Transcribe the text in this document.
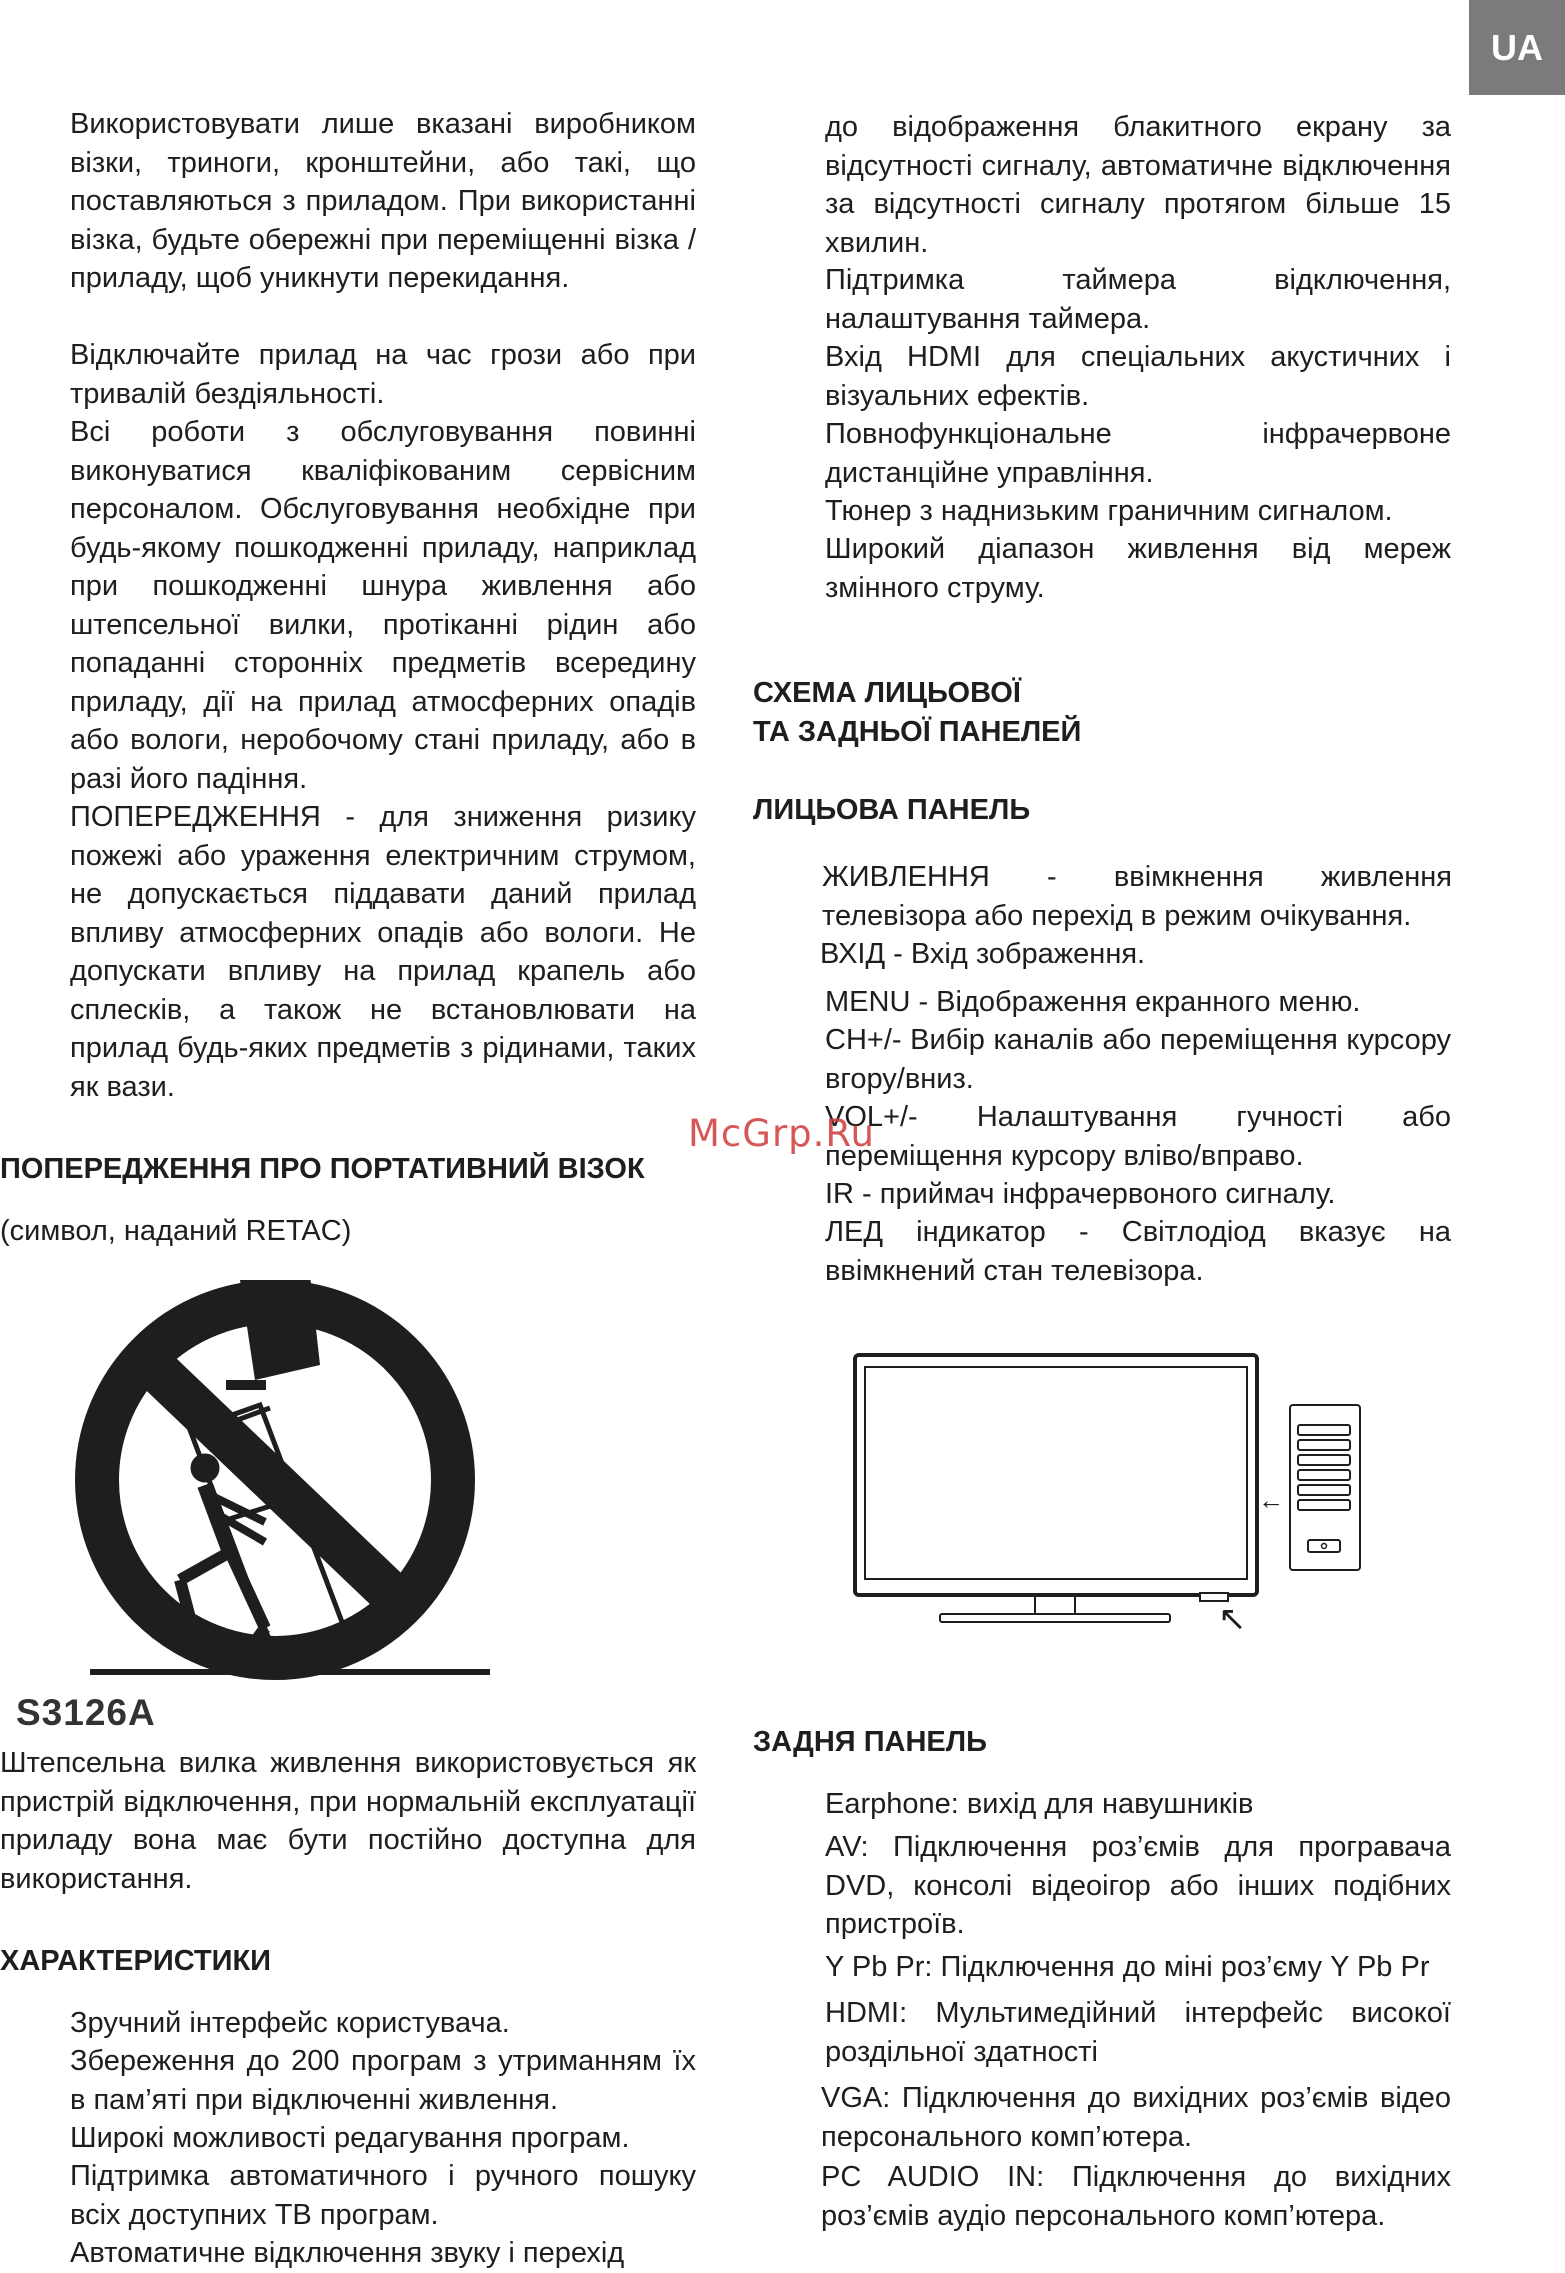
UA

Використовувати лише вказані виробником візки, триноги, кронштейни, або такі, що поставляються з приладом. При використанні візка, будьте обережні при переміщенні візка / приладу, щоб уникнути перекидання.

Відключайте прилад на час грози або при тривалій бездіяльності.

Всі роботи з обслуговування повинні виконуватися кваліфікованим сервісним персоналом. Обслуговування необхідне при будь-якому пошкодженні приладу, наприклад при пошкодженні шнура живлення або штепсельної вилки, протіканні рідин або попаданні сторонніх предметів всередину приладу, дії на прилад атмосферних опадів або вологи, неробочому стані приладу, або в разі його падіння.

ПОПЕРЕДЖЕННЯ - для зниження ризику пожежі або ураження електричним струмом, не допускається піддавати даний прилад впливу атмосферних опадів або вологи. Не допускати впливу на прилад крапель або сплесків, а також не встановлювати на прилад будь-яких предметів з рідинами, таких як вази.

ПОПЕРЕДЖЕННЯ ПРО ПОРТАТИВНИЙ ВІЗОК

(символ, наданий RETAC)

S3126A

Штепсельна вилка живлення використовується як пристрій відключення, при нормальній експлуатації приладу вона має бути постійно доступна для використання.

ХАРАКТЕРИСТИКИ

Зручний інтерфейс користувача.

Збереження до 200 програм з утриманням їх в пам’яті при відключенні живлення.

Широкі можливості редагування програм.

Підтримка автоматичного і ручного пошуку всіх доступних ТВ програм.

Автоматичне відключення звуку і перехід

до відображення блакитного екрану за відсутності сигналу, автоматичне відключення за відсутності сигналу протягом більше 15 хвилин.

Підтримка таймера відключення, налаштування таймера.

Вхід HDMI для спеціальних акустичних і візуальних ефектів.

Повнофункціональне інфрачервоне дистанційне управління.

Тюнер з наднизьким граничним сигналом.

Широкий діапазон живлення від мереж змінного струму.

СХЕМА ЛИЦЬОВОЇ

ТА ЗАДНЬОЇ ПАНЕЛЕЙ

ЛИЦЬОВА ПАНЕЛЬ

ЖИВЛЕННЯ - ввімкнення живлення телевізора або перехід в режим очікування.

ВХІД - Вхід зображення.

MENU - Відображення екранного меню.

CH+/- Вибір каналів або переміщення курсору вгору/вниз.

VOL+/- Налаштування гучності або переміщення курсору вліво/вправо.

IR - приймач інфрачервоного сигналу.

ЛЕД індикатор - Світлодіод вказує на ввімкнений стан телевізора.

←
↖

ЗАДНЯ ПАНЕЛЬ

Earphone: вихід для навушників

AV: Підключення роз’ємів для програвача DVD, консолі відеоігор або інших подібних пристроїв.

Y Pb Pr: Підключення до міні роз’єму Y Pb Pr

HDMI: Мультимедійний інтерфейс високої роздільної здатності

VGA: Підключення до вихідних роз’ємів відео персонального комп’ютера.

PC AUDIO IN: Підключення до вихідних роз’ємів аудіо персонального комп’ютера.

McGrp.Ru
